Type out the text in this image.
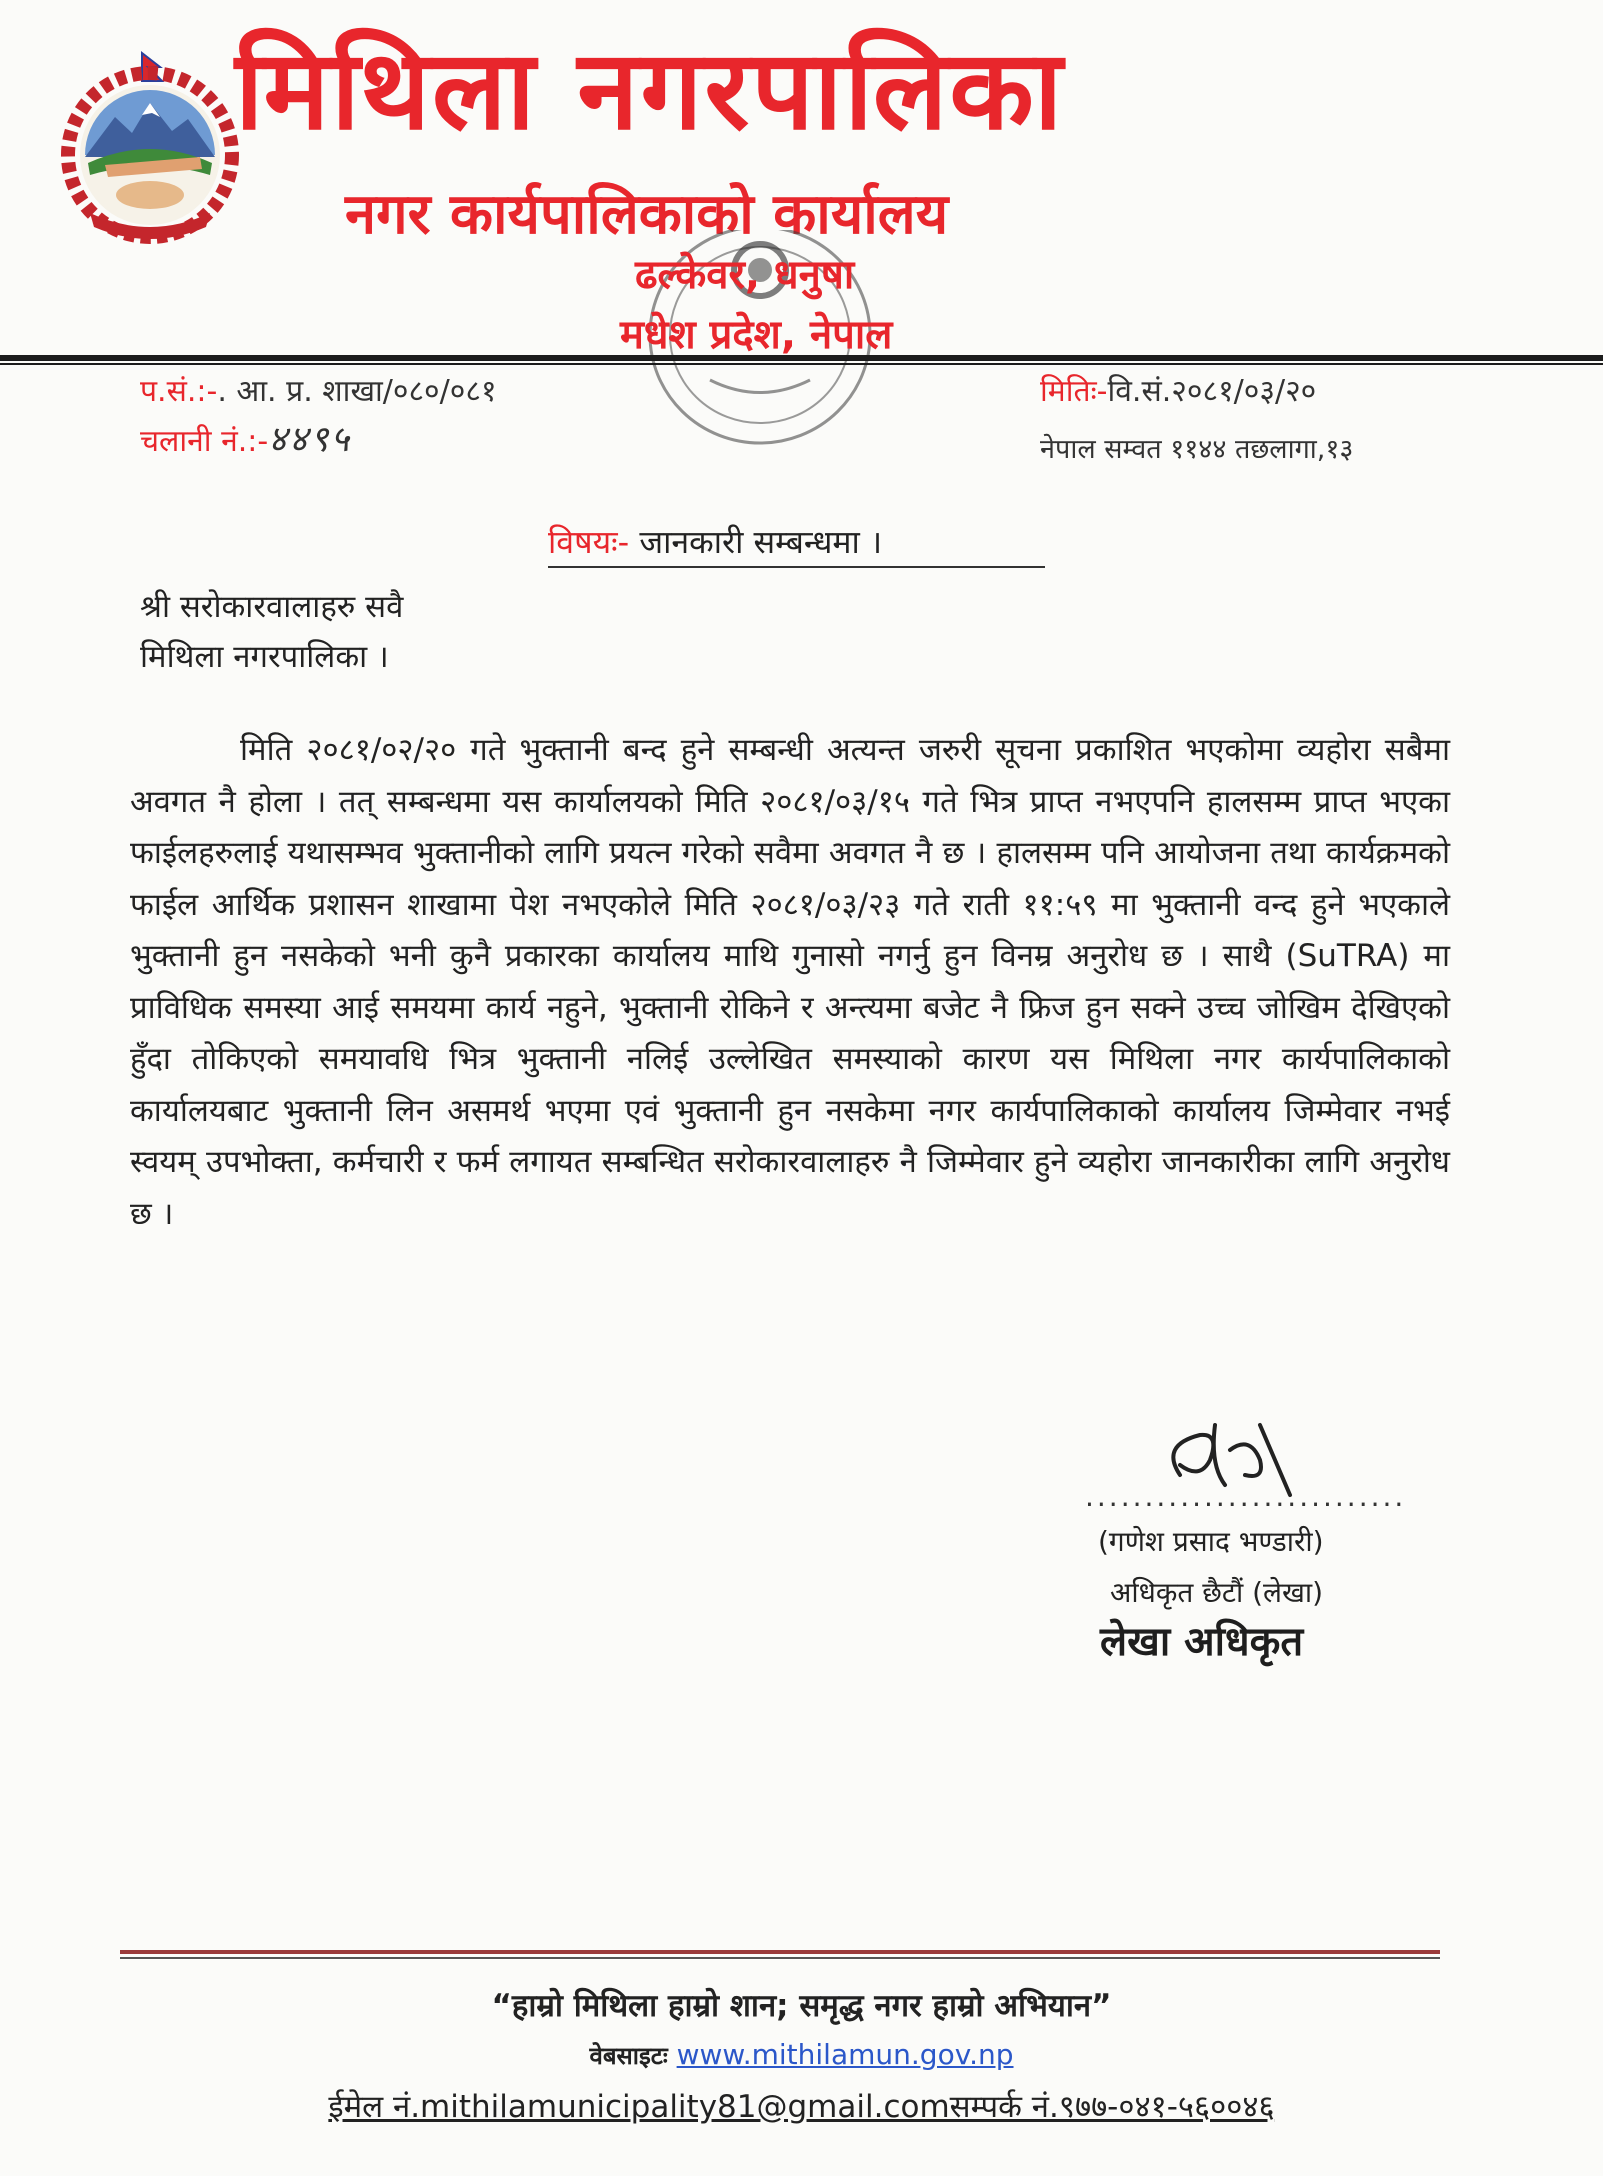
मिथिला नगरपालिका
नगर कार्यपालिकाको कार्यालय
ढल्केवर, धनुषा
मधेश प्रदेश, नेपाल
प.सं.:-. आ. प्र. शाखा/०८०/०८१
चलानी नं.:-४४९५
मितिः-वि.सं.२०८१/०३/२०
नेपाल सम्वत ११४४ तछलागा,१३
विषयः- जानकारी सम्बन्धमा ।
श्री सरोकारवालाहरु सवै
मिथिला नगरपालिका ।

मिति २०८१/०२/२० गते भुक्तानी बन्द हुने सम्बन्धी अत्यन्त जरुरी सूचना प्रकाशित भएकोमा व्यहोरा सबैमा अवगत नै होला । तत् सम्बन्धमा यस कार्यालयको मिति २०८१/०३/१५ गते भित्र प्राप्त नभएपनि हालसम्म प्राप्त भएका फाईलहरुलाई यथासम्भव भुक्तानीको लागि प्रयत्न गरेको सवैमा अवगत नै छ । हालसम्म पनि आयोजना तथा कार्यक्रमको फाईल आर्थिक प्रशासन शाखामा पेश नभएकोले मिति २०८१/०३/२३ गते राती ११:५९ मा भुक्तानी वन्द हुने भएकाले भुक्तानी हुन नसकेको भनी कुनै प्रकारका कार्यालय माथि गुनासो नगर्नु हुन विनम्र अनुरोध छ । साथै (SuTRA) मा प्राविधिक समस्या आई समयमा कार्य नहुने, भुक्तानी रोकिने र अन्त्यमा बजेट नै फ्रिज हुन सक्ने उच्च जोखिम देखिएको हुँदा तोकिएको समयावधि भित्र भुक्तानी नलिई उल्लेखित समस्याको कारण यस मिथिला नगर कार्यपालिकाको कार्यालयबाट भुक्तानी लिन असमर्थ भएमा एवं भुक्तानी हुन नसकेमा नगर कार्यपालिकाको कार्यालय जिम्मेवार नभई स्वयम् उपभोक्ता, कर्मचारी र फर्म लगायत सम्बन्धित सरोकारवालाहरु नै जिम्मेवार हुने व्यहोरा जानकारीका लागि अनुरोध छ ।

...........................
(गणेश प्रसाद भण्डारी)
अधिकृत छैटौं (लेखा)
लेखा अधिकृत
“हाम्रो मिथिला हाम्रो शान; समृद्ध नगर हाम्रो अभियान”
वेबसाइटः www.mithilamun.gov.np
ईमेल नं.mithilamunicipality81@gmail.comसम्पर्क नं.९७७-०४१-५६००४६
